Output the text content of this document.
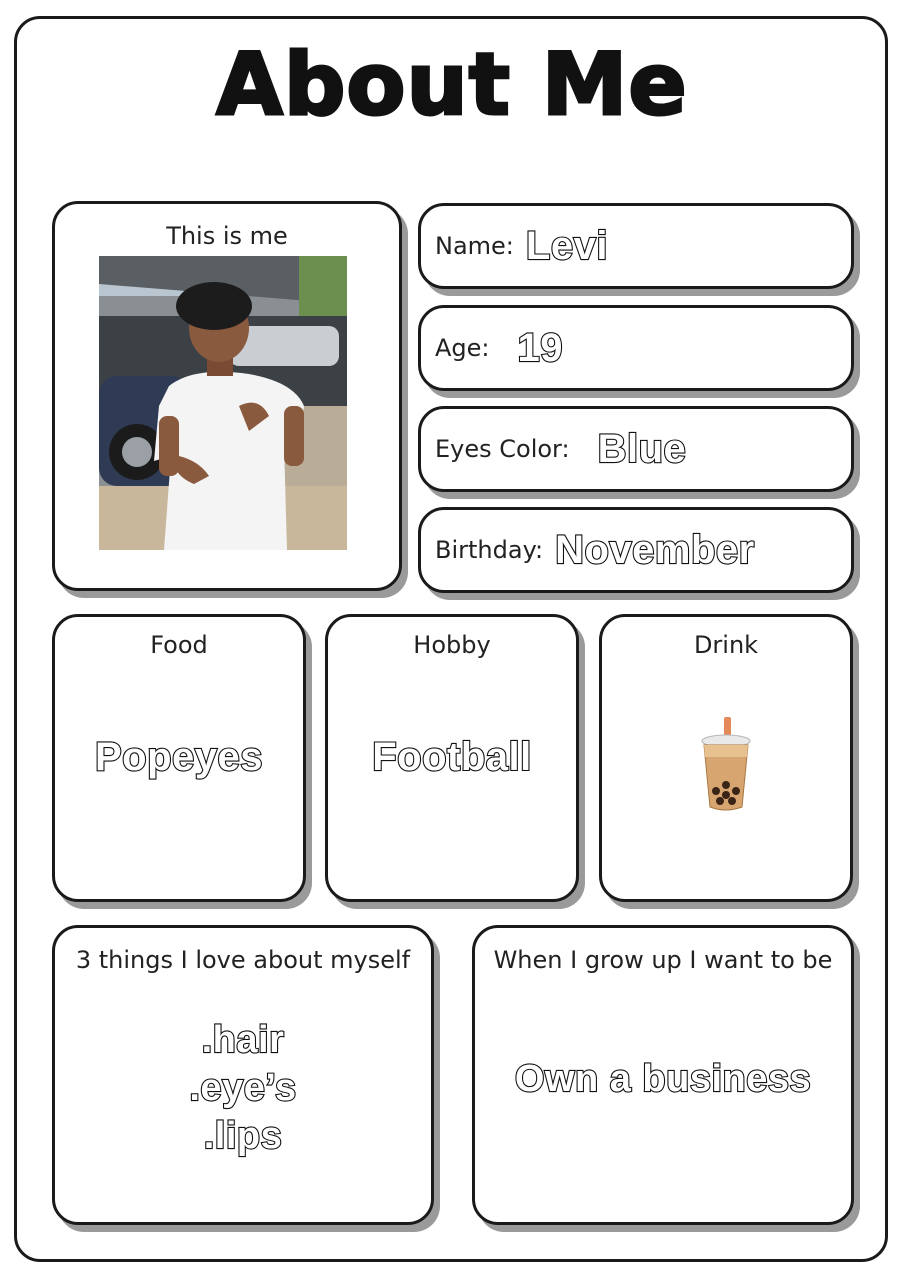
About Me
This is me	Name: Levi
Age: 19
Eyes Color: Blue
Birthday: November
Food
Popeyes
Hobby
Football
Drink
3 things I love about myself
.hair
.eye’s
.lips
When I grow up I want to be
Own a business
